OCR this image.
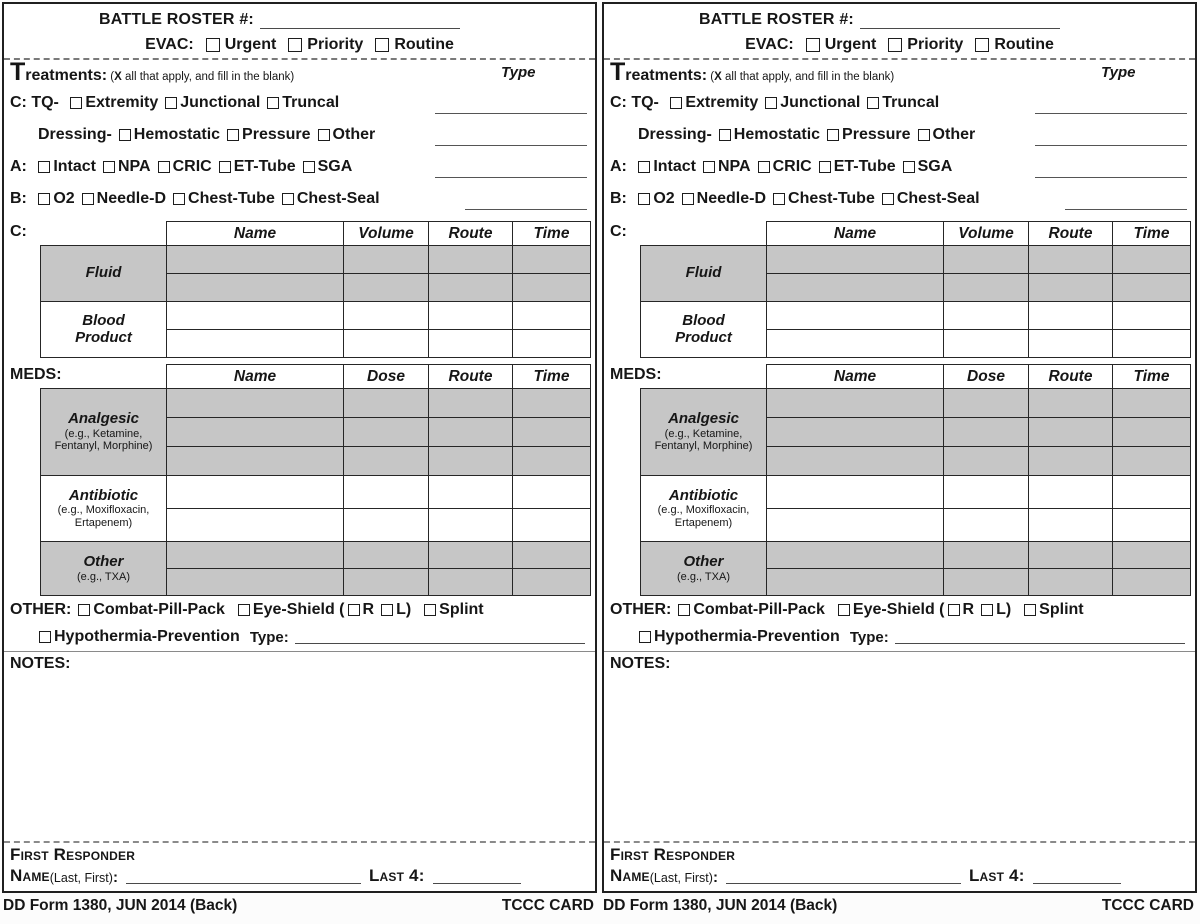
BATTLE ROSTER #:
EVAC: Urgent Priority Routine
Treatments: (X all that apply, and fill in the blank)	Type
C: TQ- Extremity Junctional Truncal
Dressing- Hemostatic Pressure Other
A: Intact NPA CRIC ET-Tube SGA
B: O2 Needle-D Chest-Tube Chest-Seal
C:
		Name	Volume	Route	Time

Fluid				

Blood Product				

MEDS:
		Name	Dose	Route	Time

Analgesic
(e.g., Ketamine, Fentanyl, Morphine)				

Antibiotic
(e.g., Moxifloxacin, Ertapenem)				

Other
(e.g., TXA)				

OTHER: Combat-Pill-Pack Eye-Shield ( R L) Splint
Hypothermia-Prevention Type:
NOTES:
First Responder
Name (Last, First) :	Last 4:
DD Form 1380, JUN 2014 (Back)	TCCC CARD
BATTLE ROSTER #:
EVAC: Urgent Priority Routine
Treatments: (X all that apply, and fill in the blank)	Type
C: TQ- Extremity Junctional Truncal
Dressing- Hemostatic Pressure Other
A: Intact NPA CRIC ET-Tube SGA
B: O2 Needle-D Chest-Tube Chest-Seal
C:
		Name	Volume	Route	Time

Fluid				

Blood Product				

MEDS:
		Name	Dose	Route	Time

Analgesic
(e.g., Ketamine, Fentanyl, Morphine)				

Antibiotic
(e.g., Moxifloxacin, Ertapenem)				

Other
(e.g., TXA)				

OTHER: Combat-Pill-Pack Eye-Shield ( R L) Splint
Hypothermia-Prevention Type:
NOTES:
First Responder
Name (Last, First) :	Last 4:
DD Form 1380, JUN 2014 (Back)	TCCC CARD
